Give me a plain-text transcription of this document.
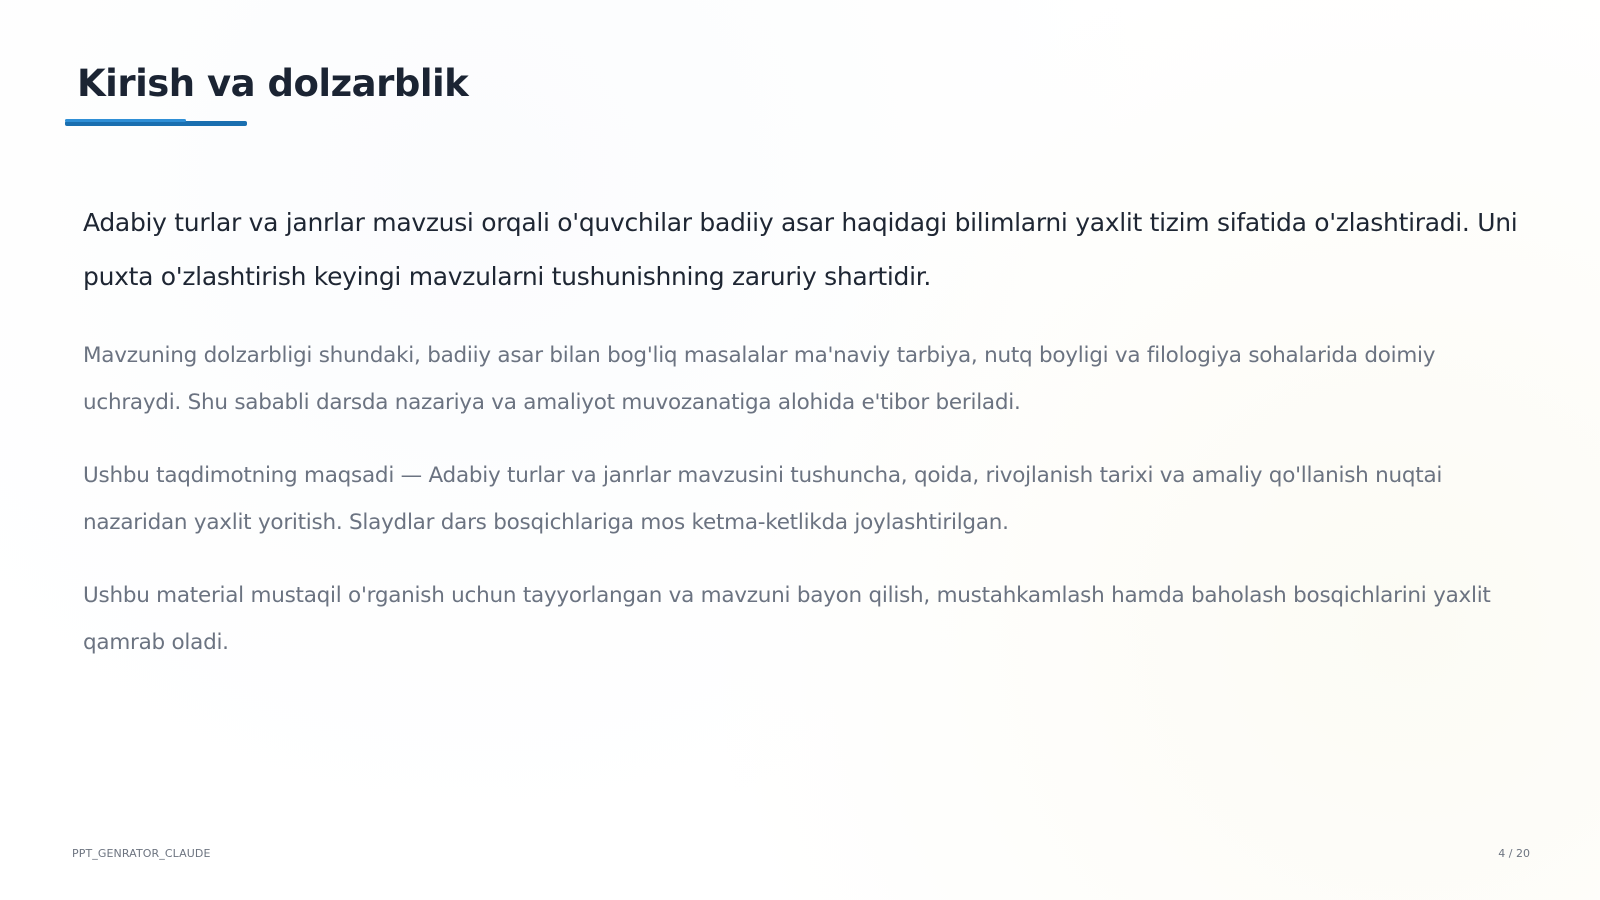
Kirish va dolzarblik

Adabiy turlar va janrlar mavzusi orqali o'quvchilar badiiy asar haqidagi bilimlarni yaxlit tizim sifatida o'zlashtiradi. Uni puxta o'zlashtirish keyingi mavzularni tushunishning zaruriy shartidir.

Mavzuning dolzarbligi shundaki, badiiy asar bilan bog'liq masalalar ma'naviy tarbiya, nutq boyligi va filologiya sohalarida doimiy uchraydi. Shu sababli darsda nazariya va amaliyot muvozanatiga alohida e'tibor beriladi.

Ushbu taqdimotning maqsadi — Adabiy turlar va janrlar mavzusini tushuncha, qoida, rivojlanish tarixi va amaliy qo'llanish nuqtai nazaridan yaxlit yoritish. Slaydlar dars bosqichlariga mos ketma-ketlikda joylashtirilgan.

Ushbu material mustaqil o'rganish uchun tayyorlangan va mavzuni bayon qilish, mustahkamlash hamda baholash bosqichlarini yaxlit qamrab oladi.

PPT_GENRATOR_CLAUDE	4 / 20
